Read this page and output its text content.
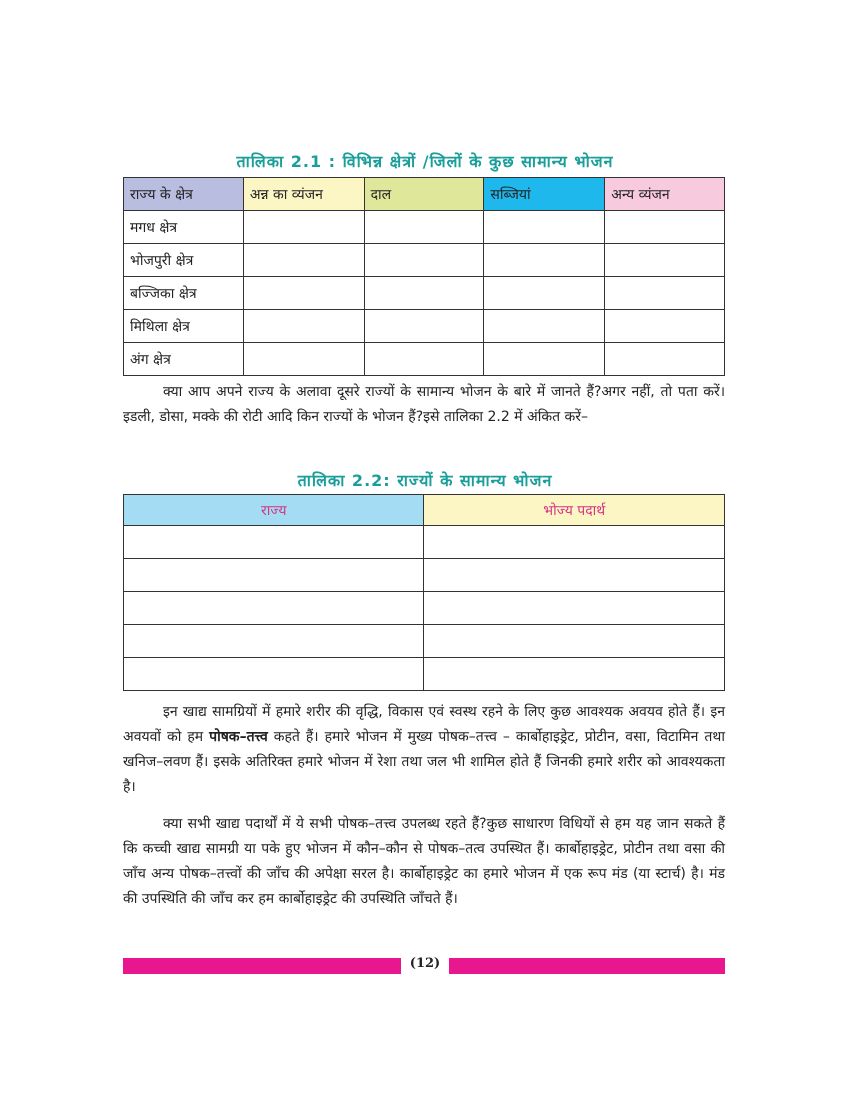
तालिका 2.1 : विभिन्न क्षेत्रों /जिलों के कुछ सामान्य भोजन
राज्य के क्षेत्र	अन्न का व्यंजन	दाल	सब्जियां	अन्य व्यंजन
मगध क्षेत्र				
भोजपुरी क्षेत्र				
बज्जिका क्षेत्र				
मिथिला क्षेत्र				
अंग क्षेत्र				

क्या आप अपने राज्य के अलावा दूसरे राज्यों के सामान्य भोजन के बारे में जानते हैं?अगर नहीं, तो पता करें। इडली, डोसा, मक्के की रोटी आदि किन राज्यों के भोजन हैं?इसे तालिका 2.2 में अंकित करें–

तालिका 2.2: राज्यों के सामान्य भोजन
राज्य	भोज्य पदार्थ

इन खाद्य सामग्रियों में हमारे शरीर की वृद्धि, विकास एवं स्वस्थ रहने के लिए कुछ आवश्यक अवयव होते हैं। इन अवयवों को हम पोषक–तत्त्व कहते हैं। हमारे भोजन में मुख्य पोषक–तत्त्व – कार्बोहाइड्रेट, प्रोटीन, वसा, विटामिन तथा खनिज–लवण हैं। इसके अतिरिक्त हमारे भोजन में रेशा तथा जल भी शामिल होते हैं जिनकी हमारे शरीर को आवश्यकता है।

क्या सभी खाद्य पदार्थों में ये सभी पोषक–तत्त्व उपलब्ध रहते हैं?कुछ साधारण विधियों से हम यह जान सकते हैं कि कच्ची खाद्य सामग्री या पके हुए भोजन में कौन–कौन से पोषक–तत्व उपस्थित हैं। कार्बोहाइड्रेट, प्रोटीन तथा वसा की जाँच अन्य पोषक–तत्त्वों की जाँच की अपेक्षा सरल है। कार्बोहाइड्रेट का हमारे भोजन में एक रूप मंड (या स्टार्च) है। मंड की उपस्थिति की जाँच कर हम कार्बोहाइड्रेट की उपस्थिति जाँचते हैं।

(12)
